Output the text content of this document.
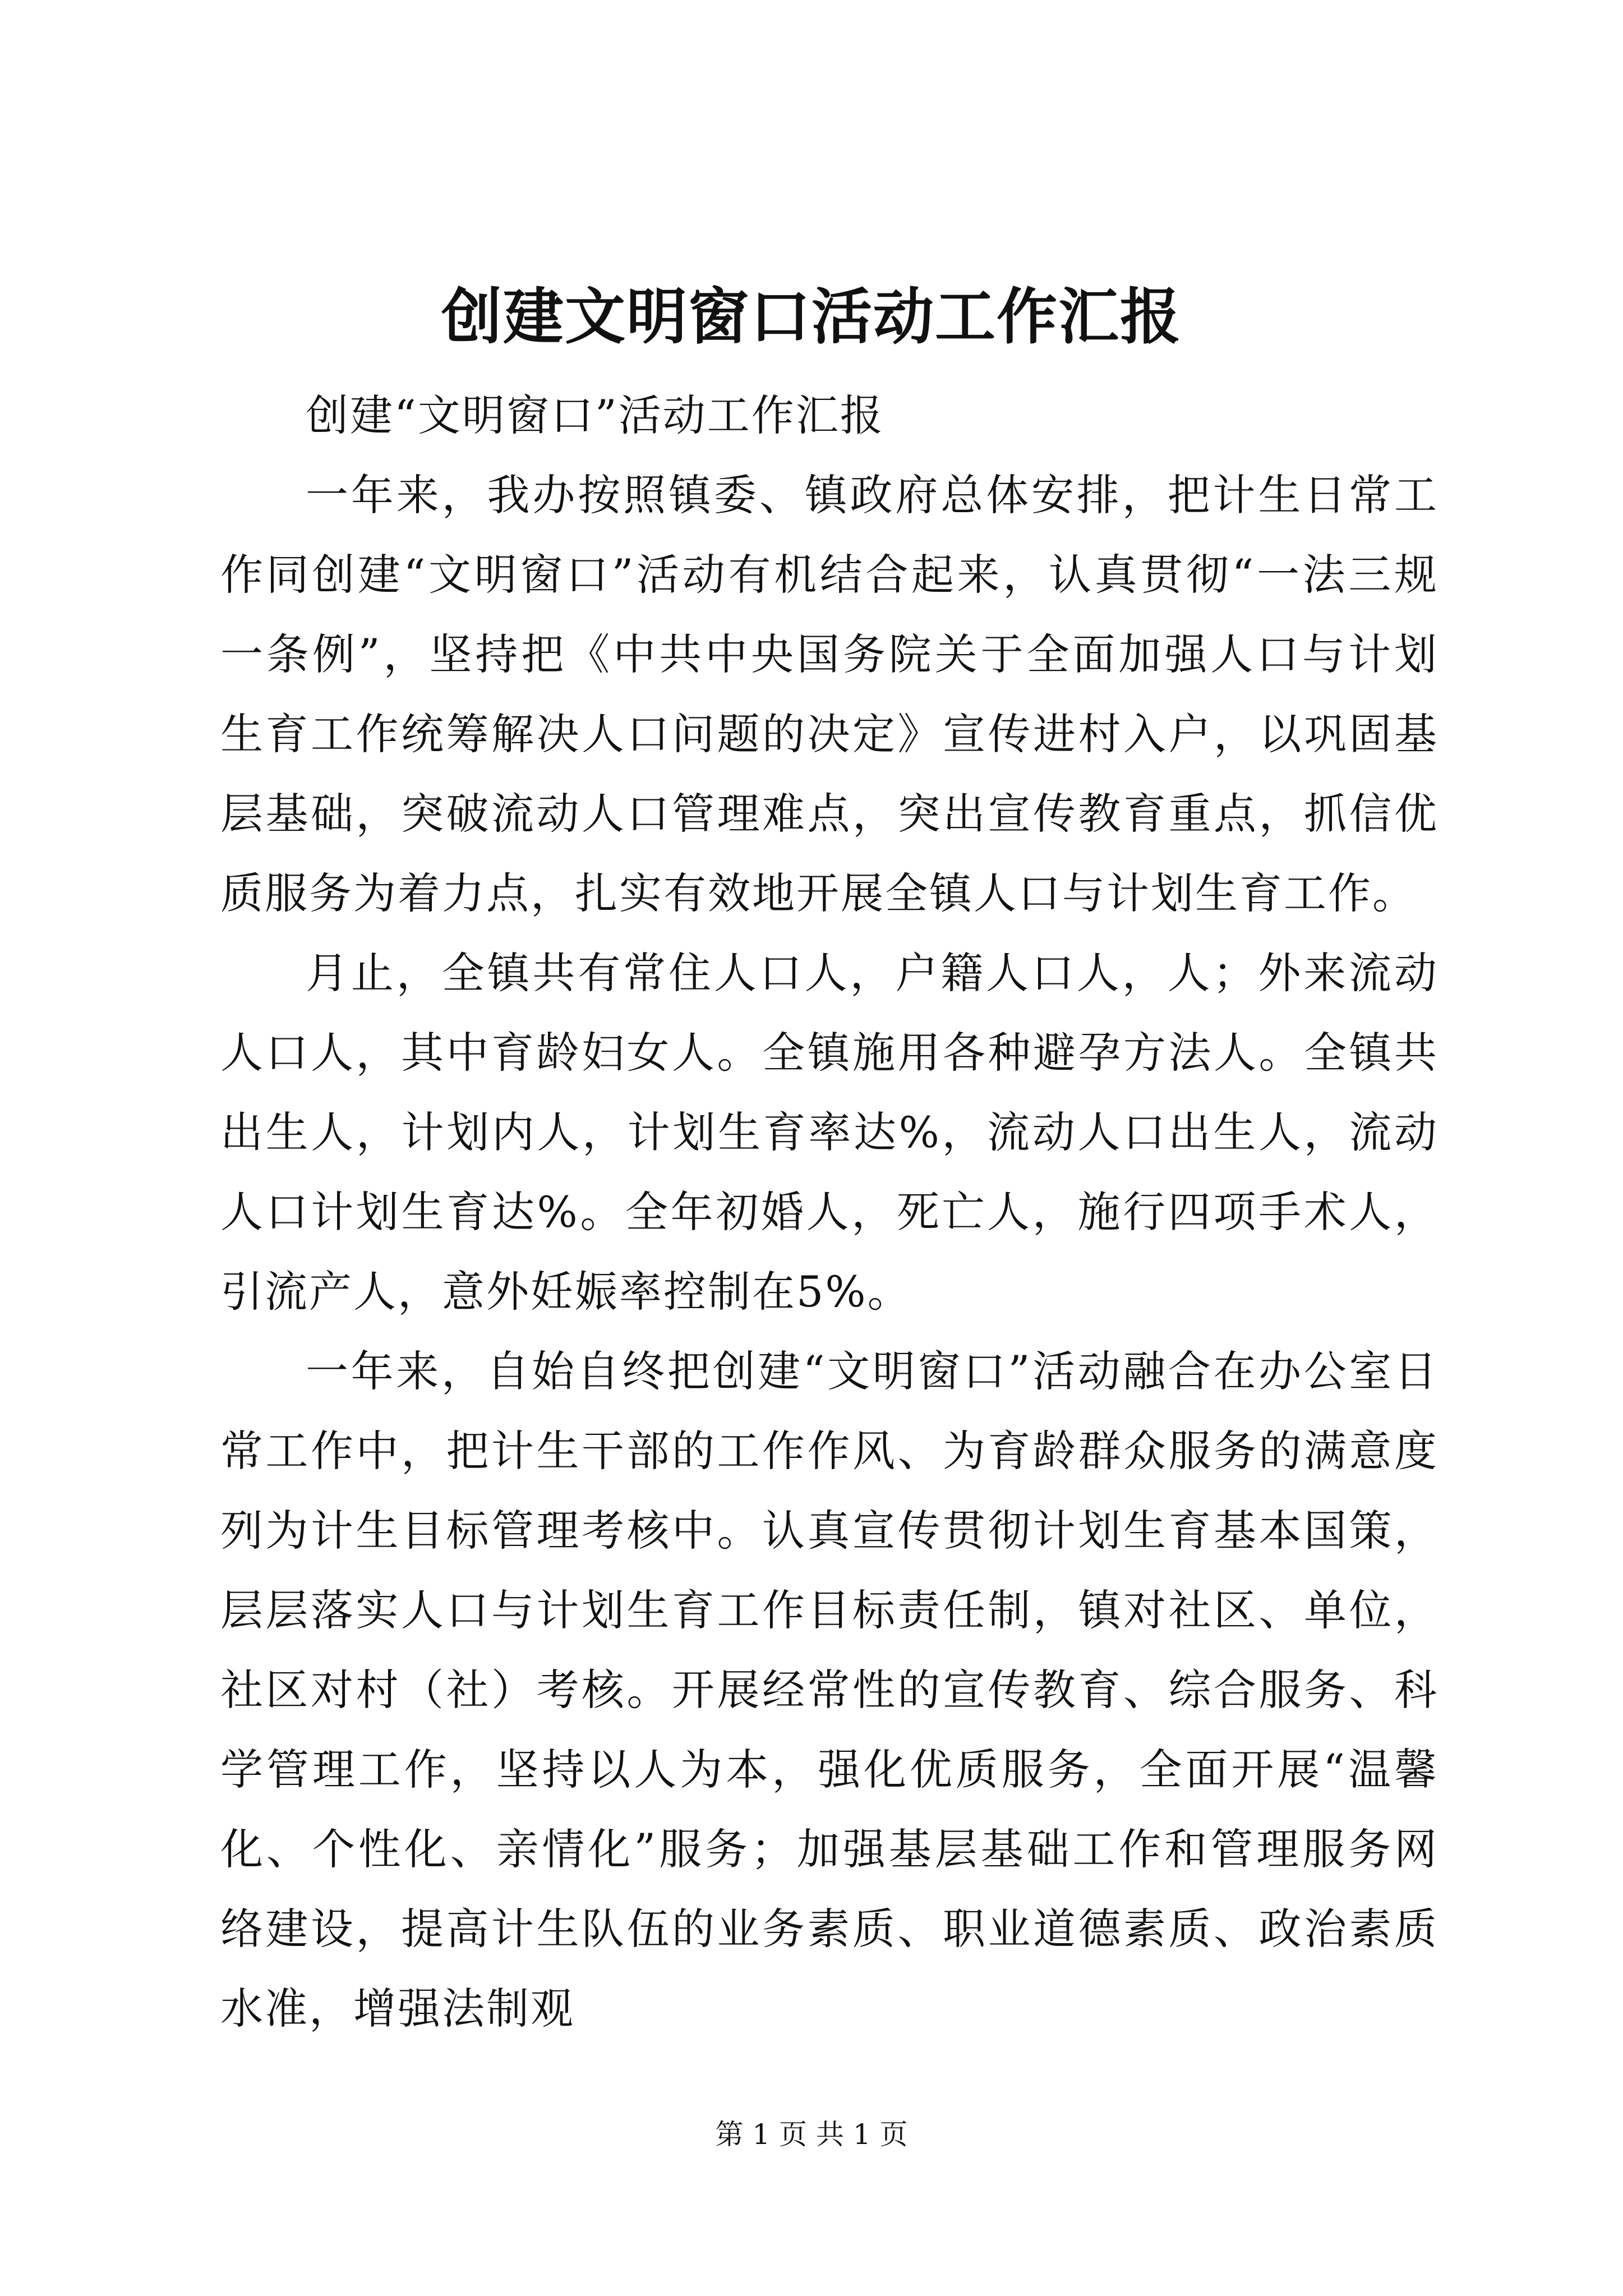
创建文明窗口活动工作汇报

创建“文明窗口”活动工作汇报

一年来，我办按照镇委、镇政府总体安排，把计生日常工作同创建“文明窗口”活动有机结合起来，认真贯彻“一法三规一条例”，坚持把《中共中央国务院关于全面加强人口与计划生育工作统筹解决人口问题的决定》宣传进村入户，以巩固基层基础，突破流动人口管理难点，突出宣传教育重点，抓信优质服务为着力点，扎实有效地开展全镇人口与计划生育工作。

月止，全镇共有常住人口人，户籍人口人，人；外来流动人口人，其中育龄妇女人。全镇施用各种避孕方法人。全镇共出生人，计划内人，计划生育率达%，流动人口出生人，流动人口计划生育达%。全年初婚人，死亡人，施行四项手术人，引流产人，意外妊娠率控制在5%。

一年来，自始自终把创建“文明窗口”活动融合在办公室日常工作中，把计生干部的工作作风、为育龄群众服务的满意度列为计生目标管理考核中。认真宣传贯彻计划生育基本国策，层层落实人口与计划生育工作目标责任制，镇对社区、单位，社区对村（社）考核。开展经常性的宣传教育、综合服务、科学管理工作，坚持以人为本，强化优质服务，全面开展“温馨化、个性化、亲情化”服务；加强基层基础工作和管理服务网络建设，提高计生队伍的业务素质、职业道德素质、政治素质水准，增强法制观

第 1 页 共 1 页
